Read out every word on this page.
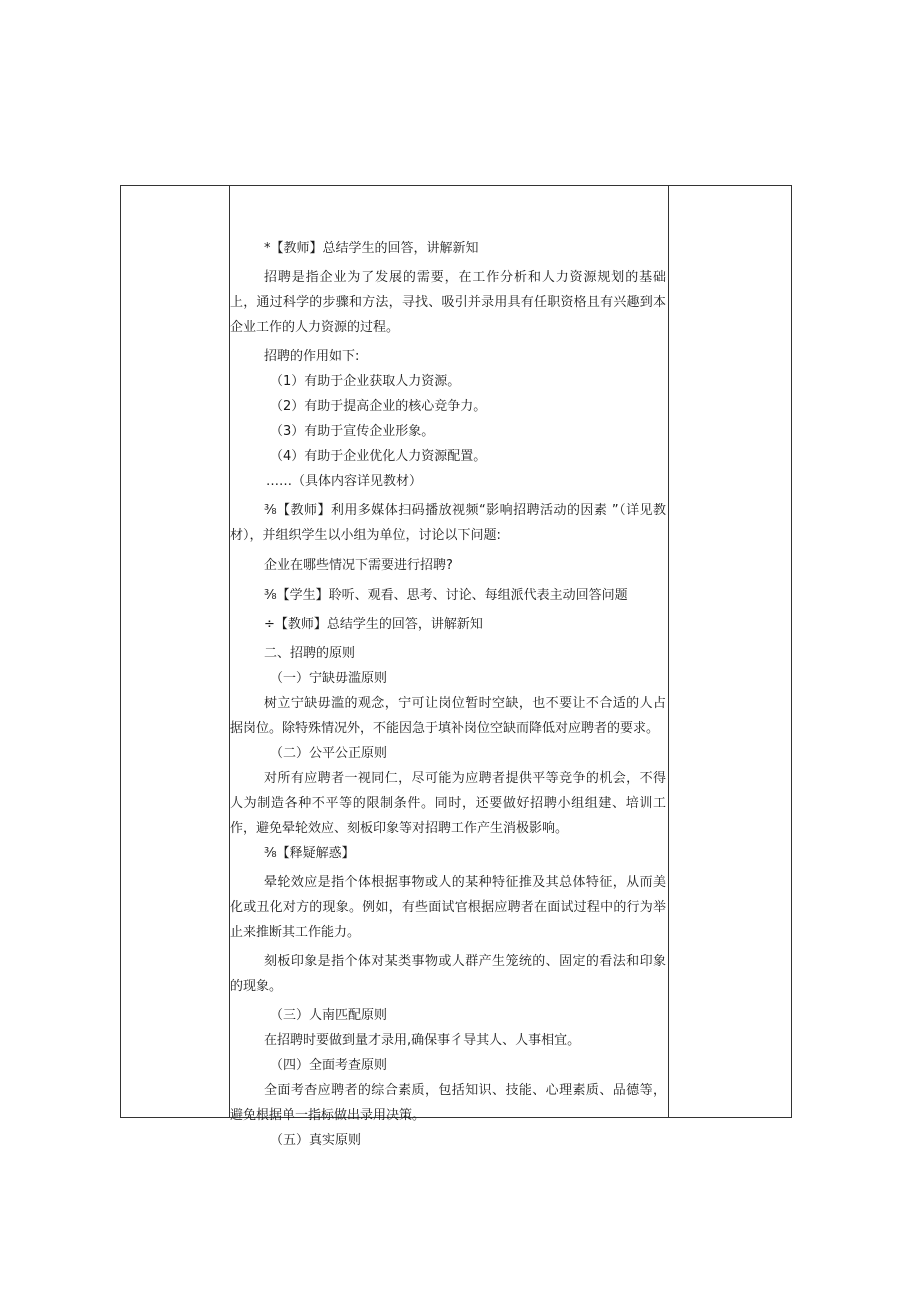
*【教师】总结学生的回答，讲解新知
招聘是指企业为了发展的需要，在工作分析和人力资源规划的基础上，通过科学的步骤和方法，寻找、吸引并录用具有任职资格且有兴趣到本企业工作的人力资源的过程。
招聘的作用如下:
（1）有助于企业获取人力资源。
（2）有助于提高企业的核心竞争力。
（3）有助于宣传企业形象。
（4）有助于企业优化人力资源配置。
……（具体内容详见教材）
⅜【教师】利用多媒体扫码播放视频“影响招聘活动的因素 ”（详见教材），并组织学生以小组为单位，讨论以下问题:
企业在哪些情况下需要进行招聘?
⅜【学生】聆听、观看、思考、讨论、每组派代表主动回答问题
÷【教师】总结学生的回答，讲解新知
二、招聘的原则
（一）宁缺毋滥原则
树立宁缺毋滥的观念，宁可让岗位暂时空缺，也不要让不合适的人占据岗位。除特殊情况外，不能因急于填补岗位空缺而降低对应聘者的要求。
（二）公平公正原则
对所有应聘者一视同仁，尽可能为应聘者提供平等竞争的机会，不得人为制造各种不平等的限制条件。同时，还要做好招聘小组组建、培训工作，避免晕轮效应、刻板印象等对招聘工作产生消极影响。
⅜【释疑解惑】
晕轮效应是指个体根据事物或人的某种特征推及其总体特征，从而美化或丑化对方的现象。例如，有些面试官根据应聘者在面试过程中的行为举止来推断其工作能力。
刻板印象是指个体对某类事物或人群产生笼统的、固定的看法和印象的现象。
（三）人南匹配原则
在招聘时要做到量才录用,确保事彳导其人、人事相宜。
（四）全面考查原则
全面考杳应聘者的综合素质，包括知识、技能、心理素质、品德等，避免根据单一指标做出录用决策。
（五）真实原则
